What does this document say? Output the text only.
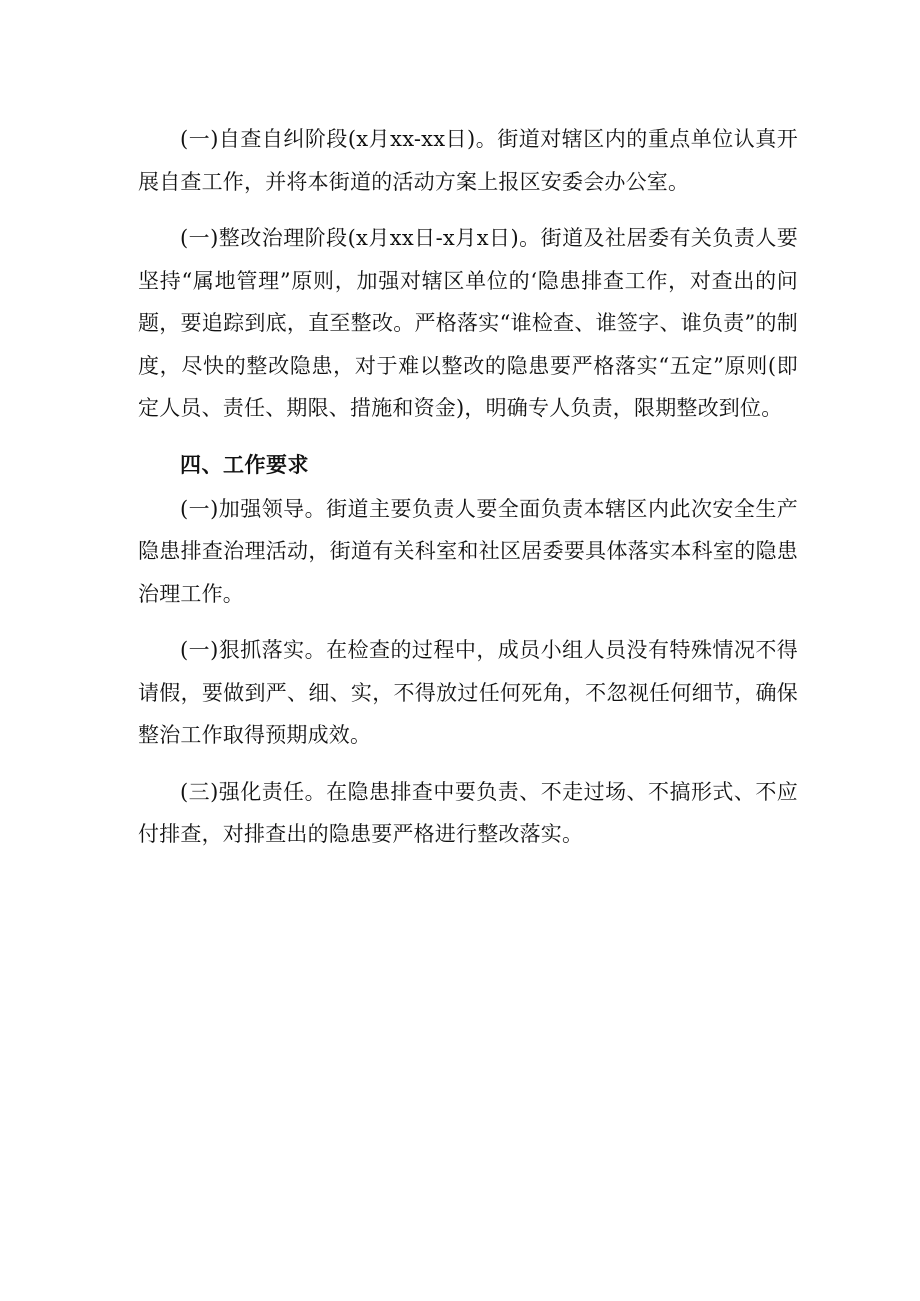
(一)自查自纠阶段(x月xx-xx日)。街道对辖区内的重点单位认真开展自查工作，并将本街道的活动方案上报区安委会办公室。

(一)整改治理阶段(x月xx日-x月x日)。街道及社居委有关负责人要坚持“属地管理”原则，加强对辖区单位的‘隐患排查工作，对查出的问题，要追踪到底，直至整改。严格落实“谁检查、谁签字、谁负责”的制度，尽快的整改隐患，对于难以整改的隐患要严格落实“五定”原则(即定人员、责任、期限、措施和资金)，明确专人负责，限期整改到位。

四、工作要求

(一)加强领导。街道主要负责人要全面负责本辖区内此次安全生产隐患排查治理活动，街道有关科室和社区居委要具体落实本科室的隐患治理工作。

(一)狠抓落实。在检查的过程中，成员小组人员没有特殊情况不得请假，要做到严、细、实，不得放过任何死角，不忽视任何细节，确保整治工作取得预期成效。

(三)强化责任。在隐患排查中要负责、不走过场、不搞形式、不应付排查，对排查出的隐患要严格进行整改落实。
